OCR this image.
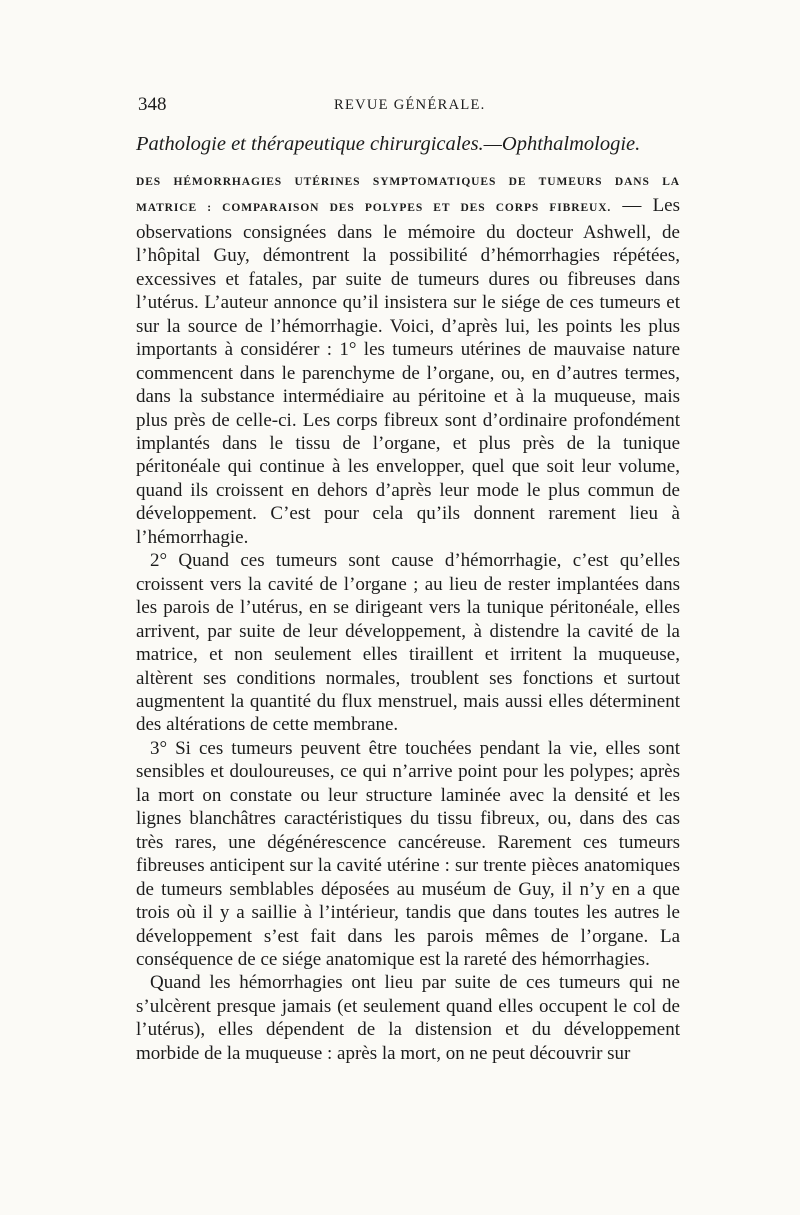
348	REVUE GÉNÉRALE.
Pathologie et thérapeutique chirurgicales.—Ophthalmologie.

DES HÉMORRHAGIES UTÉRINES SYMPTOMATIQUES DE TUMEURS DANS LA MATRICE : COMPARAISON DES POLYPES ET DES CORPS FIBREUX. — Les observations consignées dans le mémoire du docteur Ashwell, de l’hôpital Guy, démontrent la possibilité d’hémorrhagies répétées, excessives et fatales, par suite de tumeurs dures ou fibreuses dans l’utérus. L’auteur annonce qu’il insistera sur le siége de ces tumeurs et sur la source de l’hémorrhagie. Voici, d’après lui, les points les plus importants à considérer : 1° les tumeurs utérines de mauvaise nature commencent dans le parenchyme de l’organe, ou, en d’autres termes, dans la substance intermédiaire au péritoine et à la muqueuse, mais plus près de celle-ci. Les corps fibreux sont d’ordinaire profondément implantés dans le tissu de l’organe, et plus près de la tunique péritonéale qui continue à les envelopper, quel que soit leur volume, quand ils croissent en dehors d’après leur mode le plus commun de développement. C’est pour cela qu’ils donnent rarement lieu à l’hémorrhagie.

2° Quand ces tumeurs sont cause d’hémorrhagie, c’est qu’elles croissent vers la cavité de l’organe ; au lieu de rester implantées dans les parois de l’utérus, en se dirigeant vers la tunique péritonéale, elles arrivent, par suite de leur développement, à distendre la cavité de la matrice, et non seulement elles tiraillent et irritent la muqueuse, altèrent ses conditions normales, troublent ses fonctions et surtout augmentent la quantité du flux menstruel, mais aussi elles déterminent des altérations de cette membrane.

3° Si ces tumeurs peuvent être touchées pendant la vie, elles sont sensibles et douloureuses, ce qui n’arrive point pour les polypes; après la mort on constate ou leur structure laminée avec la densité et les lignes blanchâtres caractéristiques du tissu fibreux, ou, dans des cas très rares, une dégénérescence cancéreuse. Rarement ces tumeurs fibreuses anticipent sur la cavité utérine : sur trente pièces anatomiques de tumeurs semblables déposées au muséum de Guy, il n’y en a que trois où il y a saillie à l’intérieur, tandis que dans toutes les autres le développement s’est fait dans les parois mêmes de l’organe. La conséquence de ce siége anatomique est la rareté des hémorrhagies.

Quand les hémorrhagies ont lieu par suite de ces tumeurs qui ne s’ulcèrent presque jamais (et seulement quand elles occupent le col de l’utérus), elles dépendent de la distension et du développement morbide de la muqueuse : après la mort, on ne peut découvrir sur
